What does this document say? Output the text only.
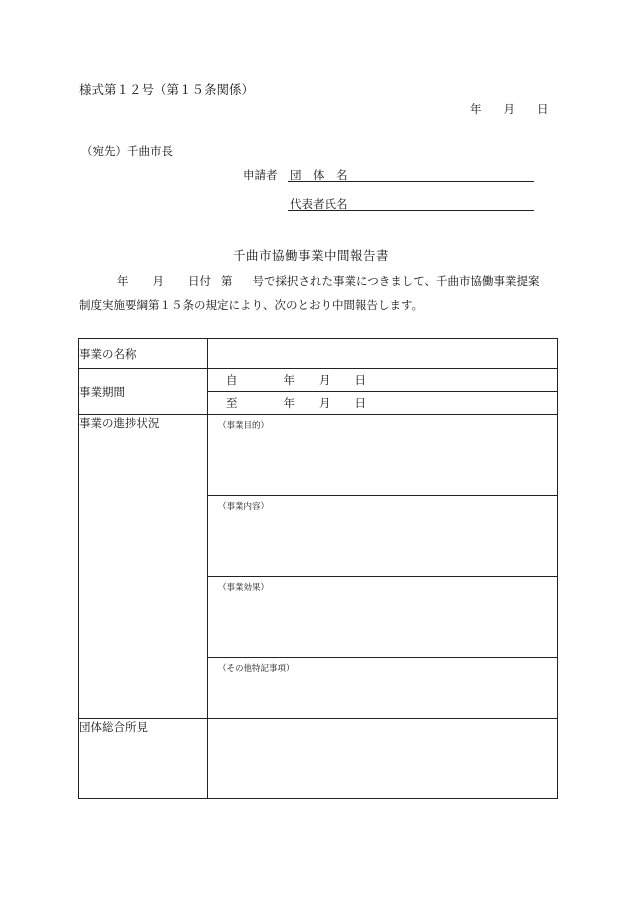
様式第１２号（第１５条関係）
年 月 日
（宛先）千曲市長
申請者 団　体　名
代表者氏名
千曲市協働事業中間報告書
年 月 日付 第 号で採択された事業につきまして、千曲市協働事業提案
制度実施要綱第１５条の規定により、次のとおり中間報告します。
事業の名称	
事業期間	自 年 月 日
至 年 月 日

事業の進捗状況	（事業目的）
（事業内容）
（事業効果）
（その他特記事項）

団体総合所見	
